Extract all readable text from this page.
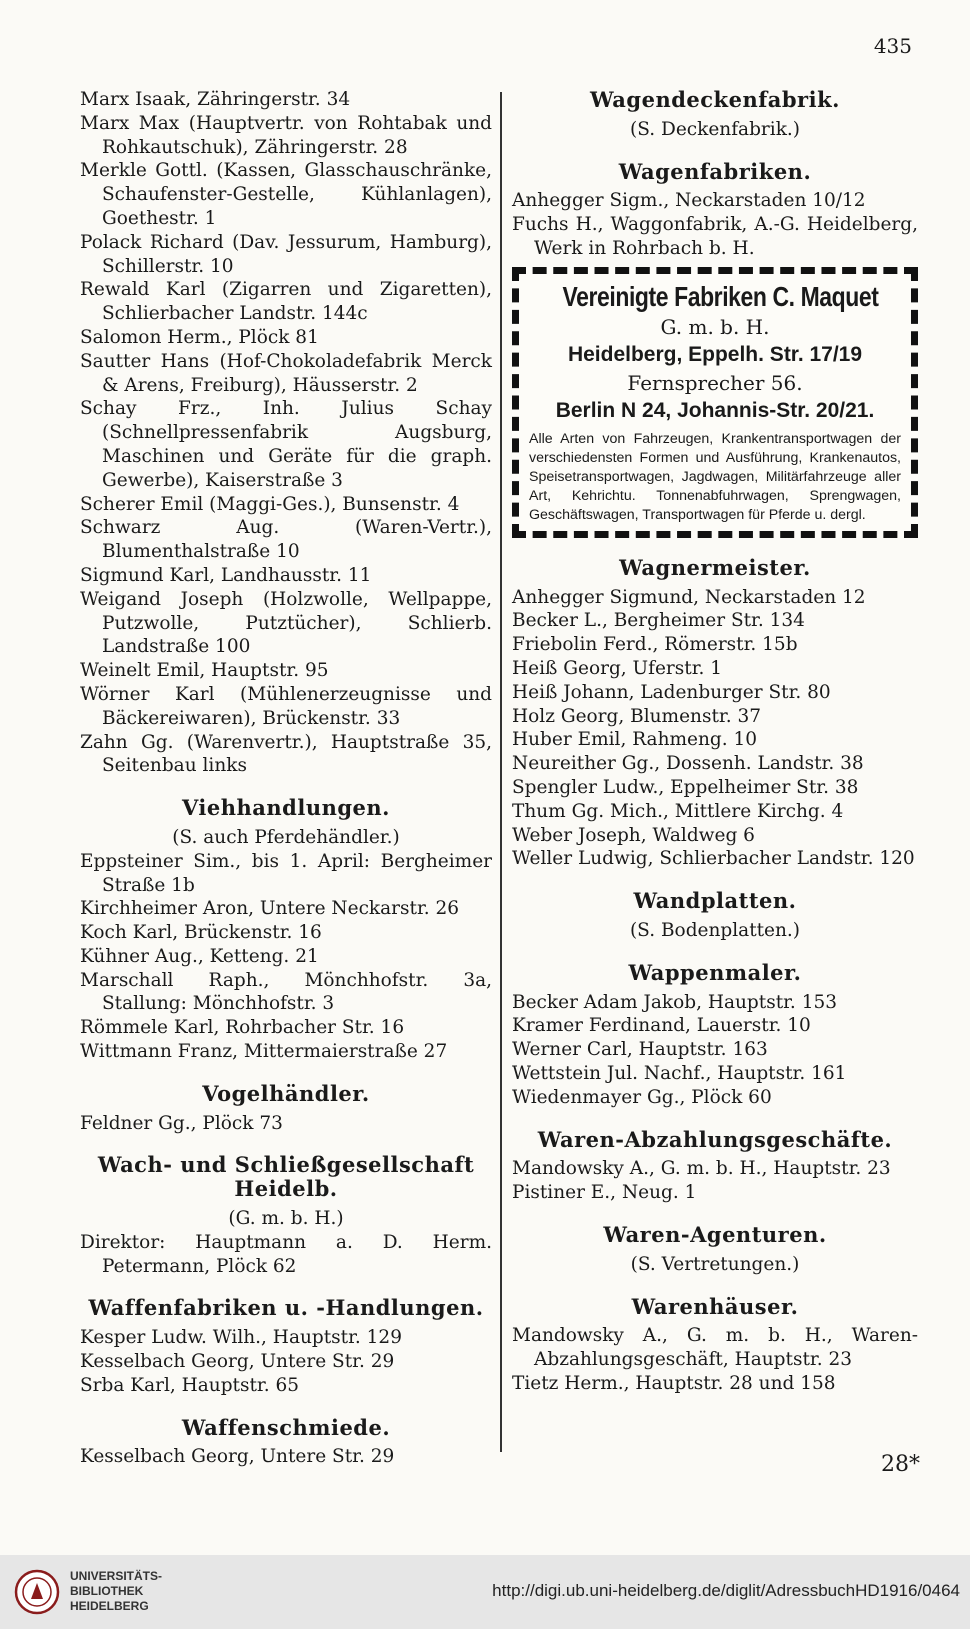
435
Marx Isaak, Zähringerstr. 34
Marx Max (Hauptvertr. von Rohtabak und Rohkautschuk), Zähringerstr. 28
Merkle Gottl. (Kassen, Glasschauschränke, Schaufenster-Gestelle, Kühlanlagen), Goethestr. 1
Polack Richard (Dav. Jessurum, Hamburg), Schillerstr. 10
Rewald Karl (Zigarren und Zigaretten), Schlierbacher Landstr. 144c
Salomon Herm., Plöck 81
Sautter Hans (Hof-Chokoladefabrik Merck & Arens, Freiburg), Häusserstr. 2
Schay Frz., Inh. Julius Schay (Schnellpressenfabrik Augsburg, Maschinen und Geräte für die graph. Gewerbe), Kaiserstraße 3
Scherer Emil (Maggi-Ges.), Bunsenstr. 4
Schwarz Aug. (Waren-Vertr.), Blumenthalstraße 10
Sigmund Karl, Landhausstr. 11
Weigand Joseph (Holzwolle, Wellpappe, Putzwolle, Putztücher), Schlierb. Landstraße 100
Weinelt Emil, Hauptstr. 95
Wörner Karl (Mühlenerzeugnisse und Bäckereiwaren), Brückenstr. 33
Zahn Gg. (Warenvertr.), Hauptstraße 35, Seitenbau links
Viehhandlungen.
(S. auch Pferdehändler.)
Eppsteiner Sim., bis 1. April: Bergheimer Straße 1b
Kirchheimer Aron, Untere Neckarstr. 26
Koch Karl, Brückenstr. 16
Kühner Aug., Ketteng. 21
Marschall Raph., Mönchhofstr. 3a, Stallung: Mönchhofstr. 3
Römmele Karl, Rohrbacher Str. 16
Wittmann Franz, Mittermaierstraße 27
Vogelhändler.
Feldner Gg., Plöck 73
Wach- und Schließgesellschaft Heidelb.
(G. m. b. H.)
Direktor: Hauptmann a. D. Herm. Petermann, Plöck 62
Waffenfabriken u. -Handlungen.
Kesper Ludw. Wilh., Hauptstr. 129
Kesselbach Georg, Untere Str. 29
Srba Karl, Hauptstr. 65
Waffenschmiede.
Kesselbach Georg, Untere Str. 29
Wagendeckenfabrik.
(S. Deckenfabrik.)
Wagenfabriken.
Anhegger Sigm., Neckarstaden 10/12
Fuchs H., Waggonfabrik, A.-G. Heidelberg, Werk in Rohrbach b. H.
Vereinigte Fabriken C. Maquet
G. m. b. H.
Heidelberg, Eppelh. Str. 17/19
Fernsprecher 56.
Berlin N 24, Johannis-Str. 20/21.
Alle Arten von Fahrzeugen, Krankentransportwagen der verschiedensten Formen und Ausführung, Krankenautos, Speisetransportwagen, Jagdwagen, Militärfahrzeuge aller Art, Kehrichtu. Tonnenabfuhrwagen, Sprengwagen, Geschäftswagen, Transportwagen für Pferde u. dergl.
Wagnermeister.
Anhegger Sigmund, Neckarstaden 12
Becker L., Bergheimer Str. 134
Friebolin Ferd., Römerstr. 15b
Heiß Georg, Uferstr. 1
Heiß Johann, Ladenburger Str. 80
Holz Georg, Blumenstr. 37
Huber Emil, Rahmeng. 10
Neureither Gg., Dossenh. Landstr. 38
Spengler Ludw., Eppelheimer Str. 38
Thum Gg. Mich., Mittlere Kirchg. 4
Weber Joseph, Waldweg 6
Weller Ludwig, Schlierbacher Landstr. 120
Wandplatten.
(S. Bodenplatten.)
Wappenmaler.
Becker Adam Jakob, Hauptstr. 153
Kramer Ferdinand, Lauerstr. 10
Werner Carl, Hauptstr. 163
Wettstein Jul. Nachf., Hauptstr. 161
Wiedenmayer Gg., Plöck 60
Waren-Abzahlungsgeschäfte.
Mandowsky A., G. m. b. H., Hauptstr. 23
Pistiner E., Neug. 1
Waren-Agenturen.
(S. Vertretungen.)
Warenhäuser.
Mandowsky A., G. m. b. H., Waren-Abzahlungsgeschäft, Hauptstr. 23
Tietz Herm., Hauptstr. 28 und 158
28*
UNIVERSITÄTS-
BIBLIOTHEK
HEIDELBERG
http://digi.ub.uni-heidelberg.de/diglit/AdressbuchHD1916/0464
